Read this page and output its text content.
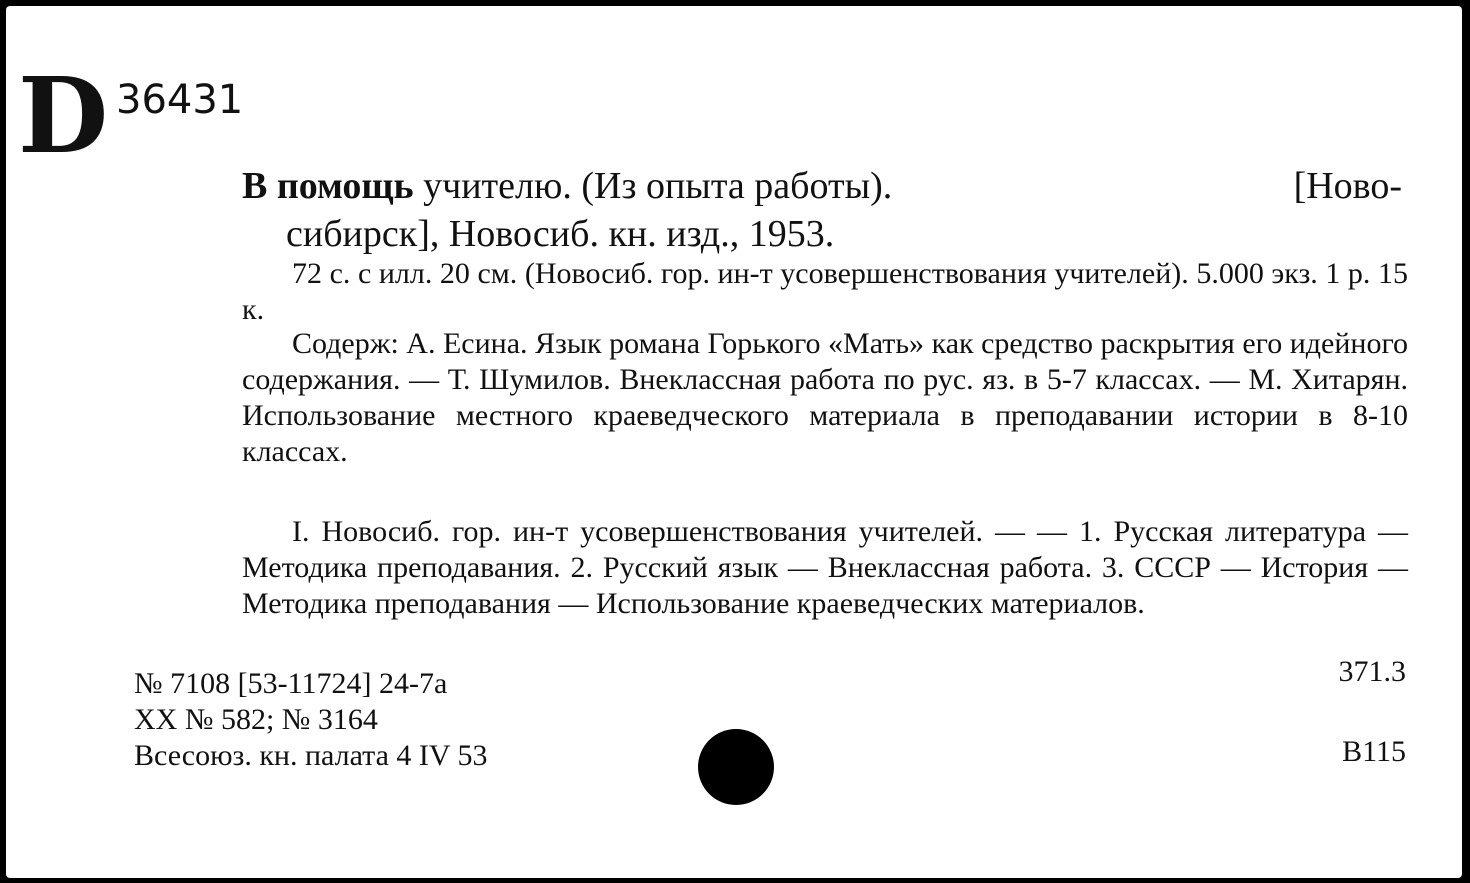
D 36431
В помощь учителю. (Из опыта работы).	[Ново-
сибирск], Новосиб. кн. изд., 1953.
72 с. с илл. 20 см. (Новосиб. гор. ин-т усовершенствования учителей). 5.000 экз. 1 р. 15 к.
Содерж: А. Есина. Язык романа Горького «Мать» как средство раскрытия его идейного содержания. — Т. Шумилов. Внеклассная работа по рус. яз. в 5-7 классах. — М. Хитарян. Использование местного краеведческого материала в преподавании истории в 8-10 классах.
I. Новосиб. гор. ин-т усовершенствования учителей. — — 1. Русская литература — Методика преподавания. 2. Русский язык — Внеклассная работа. 3. СССР — История — Методика преподавания — Использование краеведческих материалов.
№ 7108 [53-11724] 24-7а
XX № 582; № 3164
Всесоюз. кн. палата 4 IV 53
371.3
В115
